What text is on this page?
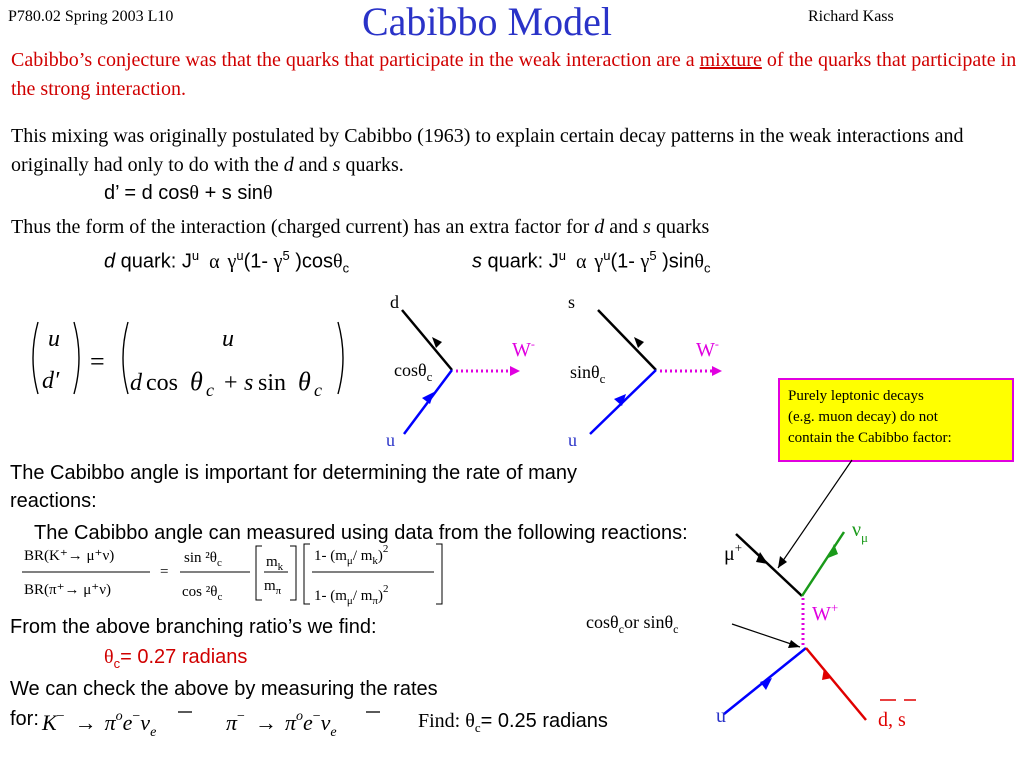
P780.02 Spring 2003 L10	Cabibbo Model	Richard Kass
Cabibbo’s conjecture was that the quarks that participate in the weak interaction are a mixture of the quarks that participate in the strong interaction.
This mixing was originally postulated by Cabibbo (1963) to explain certain decay patterns in the weak interactions and originally had only to do with the d and s quarks.
d’ = d cosθ + s sinθ
Thus the form of the interaction (charged current) has an extra factor for d and s quarks
d quark: $J^u$ α $\gamma^u(1-$ $\gamma^5$ )cosθ$_c$	s quark: $J^u$ α $\gamma^u(1-$ $\gamma^5$ )sinθ$_c$
u
d′
=
u
d cos θ c + s sin θ c
d
u
cosθ$_c$
W-
s
u
sinθ$_c$
W-
Purely leptonic decays
(e.g. muon decay) do not
contain the Cabibbo factor:
The Cabibbo angle is important for determining the rate of many
reactions:
The Cabibbo angle can measured using data from the following reactions:
BR(K⁺→ μ⁺ν)
BR(π⁺→ μ⁺ν)
=
$\sin ^2\theta_c$
$\cos ^2\theta_c$
$m_k$
$m_\pi$
1- ($m_\mu/$ $m_k)^2$
1- ($m_\mu/$ $m_\pi)^2$
From the above branching ratio’s we find:
$\theta_c= 0.27$ radians
We can check the above by measuring the rates
for: $K^- \to \pi^oe^-\nu_e$	$\pi^- \to \pi^oe^-\nu_e$
Find: $\theta_c= 0.25$ radians
$\nu_\mu$
μ+
W+
cosθ$_c$or sinθ$_c$
u	d, s
